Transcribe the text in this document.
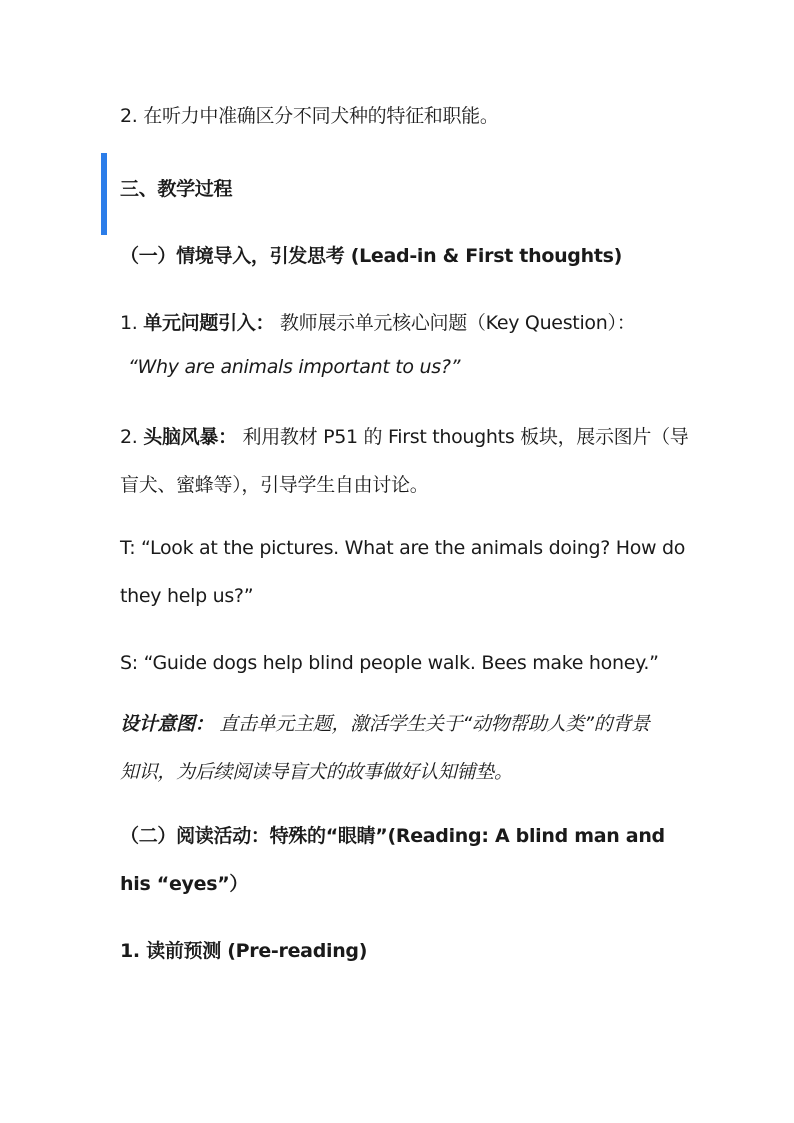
2. 在听力中准确区分不同犬种的特征和职能。
三、教学过程
（一）情境导入，引发思考 (Lead-in & First thoughts)
1. 单元问题引入： 教师展示单元核心问题（Key Question）：
“Why are animals important to us?”
2. 头脑风暴： 利用教材 P51 的 First thoughts 板块，展示图片（导
盲犬、蜜蜂等），引导学生自由讨论。
T: “Look at the pictures. What are the animals doing? How do
they help us?”
S: “Guide dogs help blind people walk. Bees make honey.”
设计意图： 直击单元主题，激活学生关于“动物帮助人类”的背景
知识，为后续阅读导盲犬的故事做好认知铺垫。
（二）阅读活动：特殊的“眼睛”(Reading: A blind man and
his “eyes”）
1. 读前预测 (Pre-reading)
